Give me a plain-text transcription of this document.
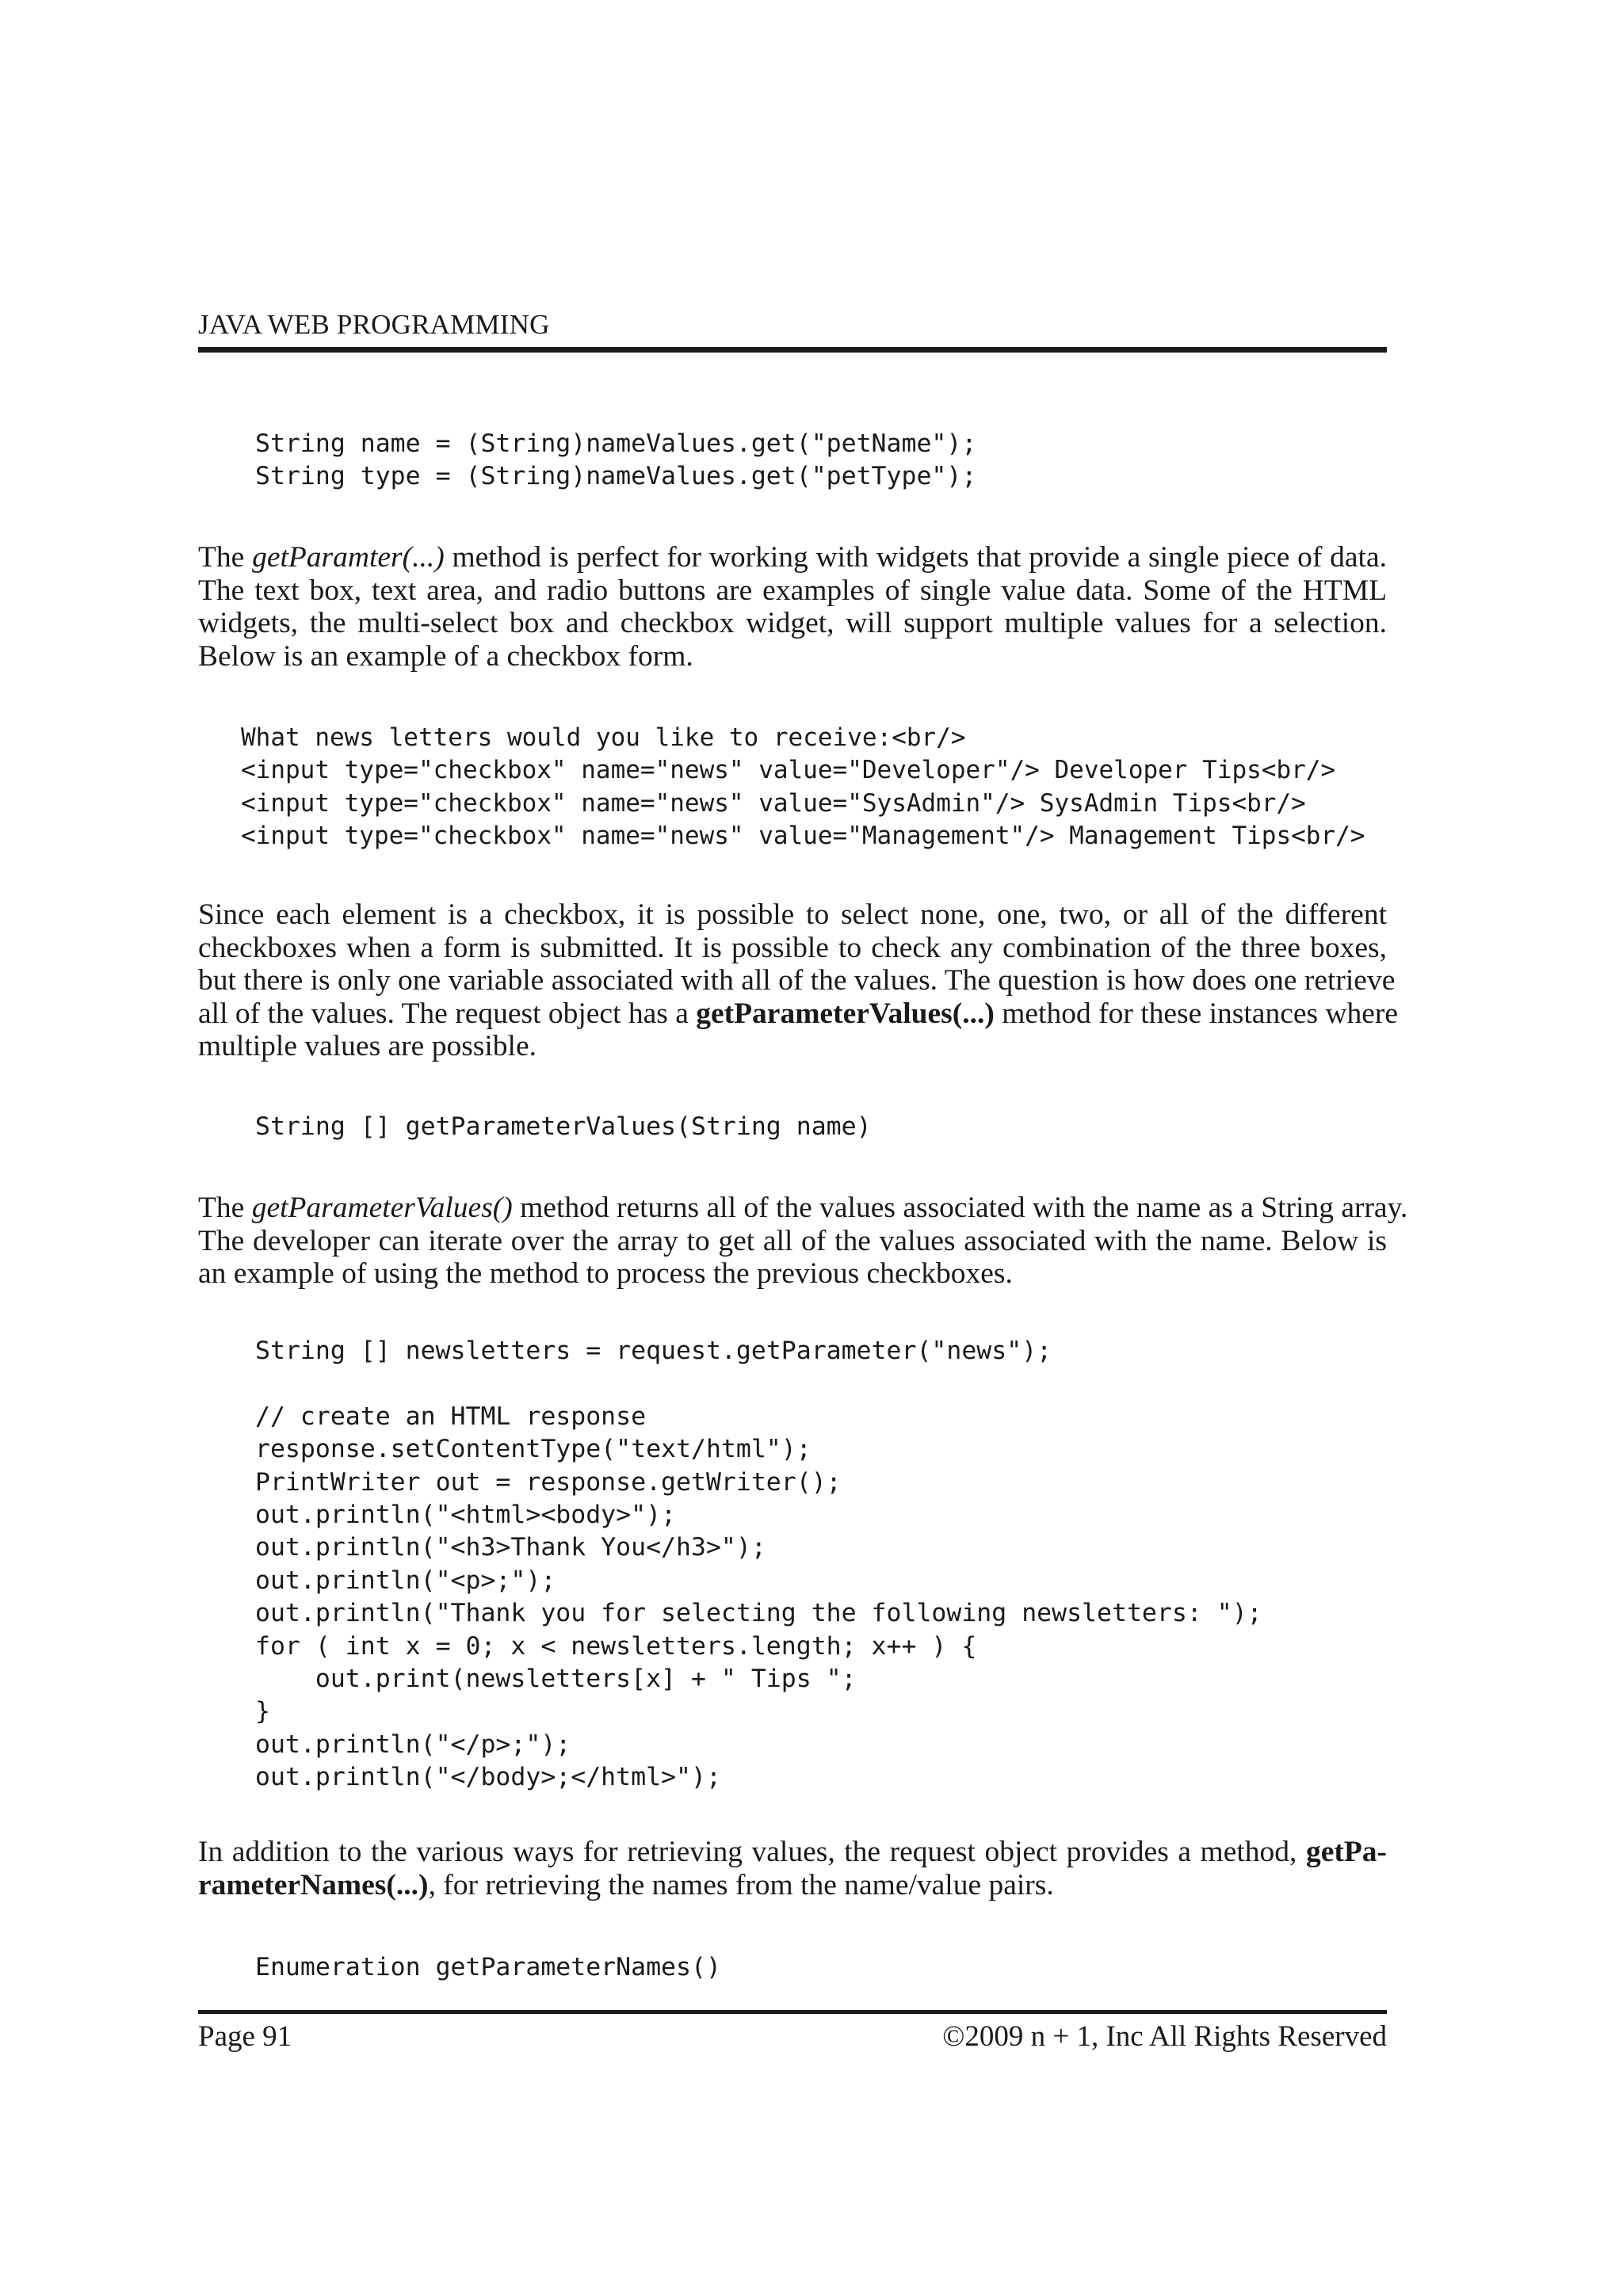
JAVA WEB PROGRAMMING
String name = (String)nameValues.get("petName");
String type = (String)nameValues.get("petType");
The getParamter(...) method is perfect for working with widgets that provide a single piece of data.
The text box, text area, and radio buttons are examples of single value data. Some of the HTML
widgets, the multi-select box and checkbox widget, will support multiple values for a selection.
Below is an example of a checkbox form.
What news letters would you like to receive:<br/>
<input type="checkbox" name="news" value="Developer"/> Developer Tips<br/>
<input type="checkbox" name="news" value="SysAdmin"/> SysAdmin Tips<br/>
<input type="checkbox" name="news" value="Management"/> Management Tips<br/>
Since each element is a checkbox, it is possible to select none, one, two, or all of the different
checkboxes when a form is submitted. It is possible to check any combination of the three boxes,
but there is only one variable associated with all of the values. The question is how does one retrieve
all of the values. The request object has a getParameterValues(...) method for these instances where
multiple values are possible.
String [] getParameterValues(String name)
The getParameterValues() method returns all of the values associated with the name as a String array.
The developer can iterate over the array to get all of the values associated with the name. Below is
an example of using the method to process the previous checkboxes.
String [] newsletters = request.getParameter("news");

// create an HTML response
response.setContentType("text/html");
PrintWriter out = response.getWriter();
out.println("<html><body>");
out.println("<h3>Thank You</h3>");
out.println("<p>;");
out.println("Thank you for selecting the following newsletters: ");
for ( int x = 0; x < newsletters.length; x++ ) {
out.print(newsletters[x] + " Tips ";
}
out.println("</p>;");
out.println("</body>;</html>");
In addition to the various ways for retrieving values, the request object provides a method, getPa-
rameterNames(...), for retrieving the names from the name/value pairs.
Enumeration getParameterNames()
Page 91	©2009 n + 1, Inc All Rights Reserved
